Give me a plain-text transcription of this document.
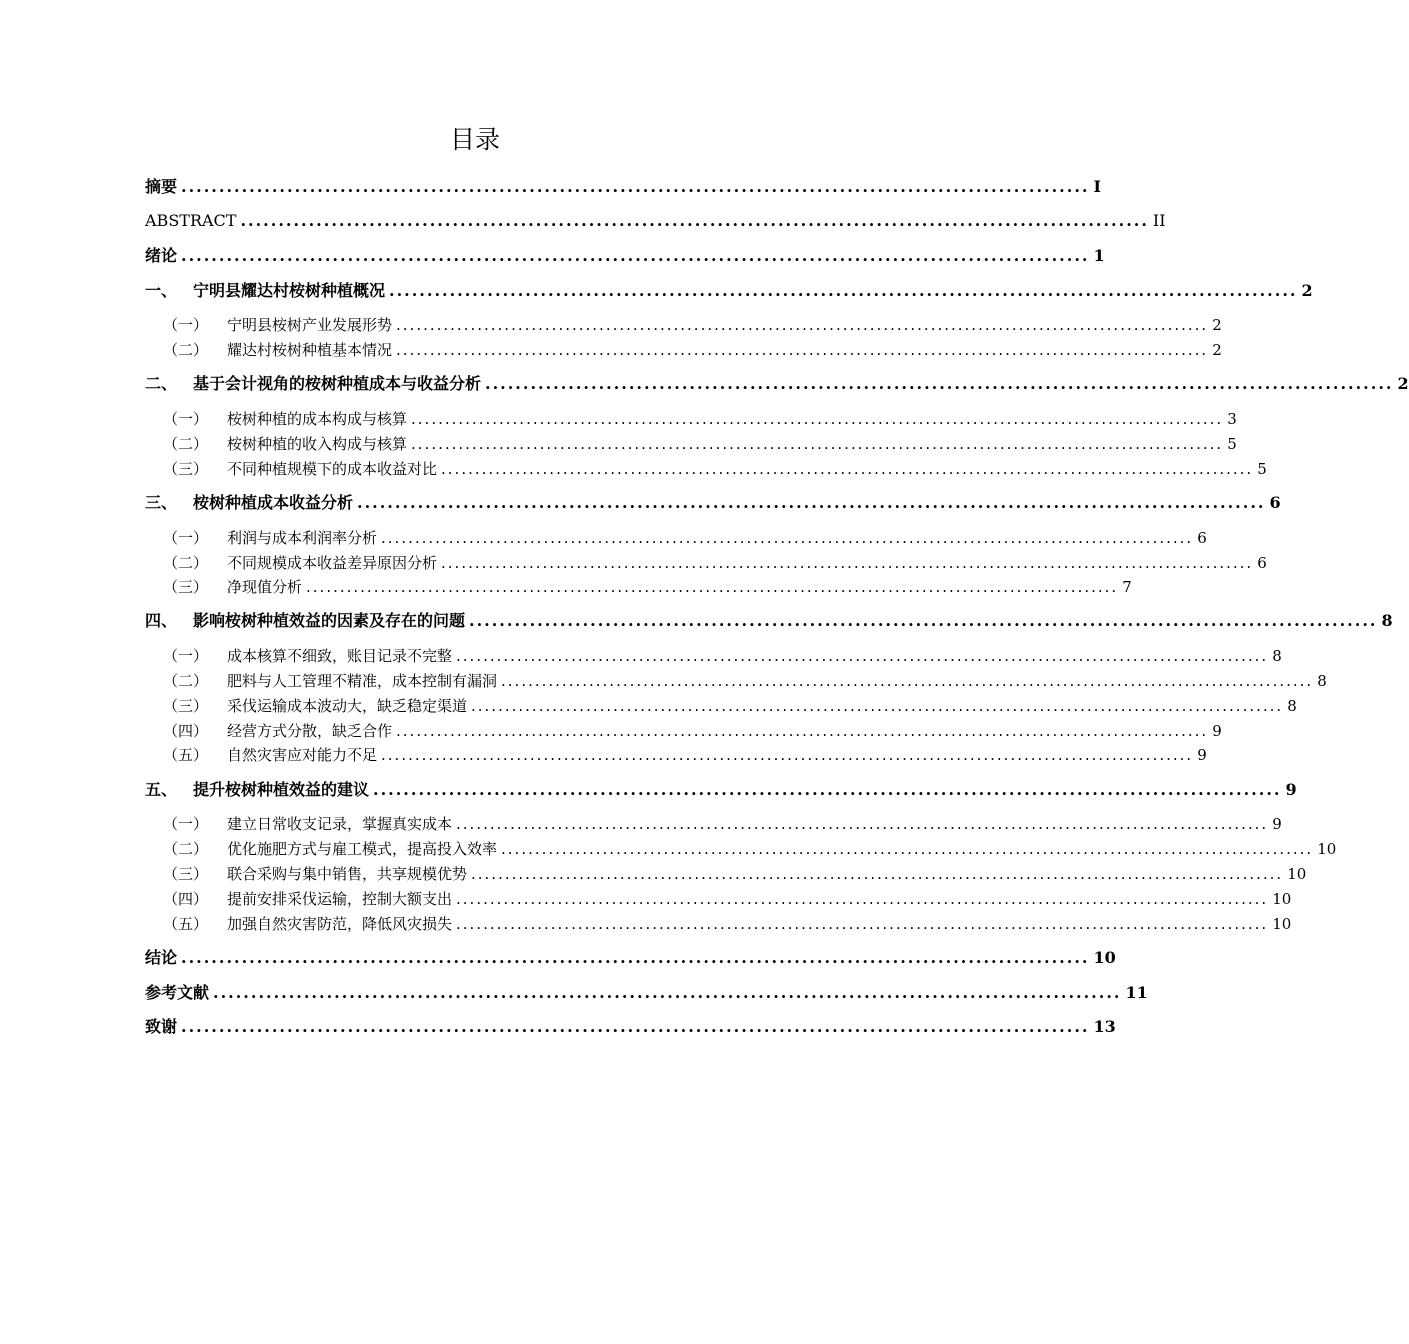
目录
摘要 ........................................................................................................................ I
ABSTRACT ........................................................................................................................ II
绪论 ........................................................................................................................ 1
一、 宁明县耀达村桉树种植概况 ........................................................................................................................ 2
（一）	宁明县桉树产业发展形势 ........................................................................................................................ 2
（二）	耀达村桉树种植基本情况 ........................................................................................................................ 2
二、 基于会计视角的桉树种植成本与收益分析 ........................................................................................................................ 2
（一）	桉树种植的成本构成与核算 ........................................................................................................................ 3
（二）	桉树种植的收入构成与核算 ........................................................................................................................ 5
（三）	不同种植规模下的成本收益对比 ........................................................................................................................ 5
三、 桉树种植成本收益分析 ........................................................................................................................ 6
（一）	利润与成本利润率分析 ........................................................................................................................ 6
（二）	不同规模成本收益差异原因分析 ........................................................................................................................ 6
（三）	净现值分析 ........................................................................................................................ 7
四、 影响桉树种植效益的因素及存在的问题 ........................................................................................................................ 8
（一）	成本核算不细致，账目记录不完整 ........................................................................................................................ 8
（二）	肥料与人工管理不精准，成本控制有漏洞 ........................................................................................................................ 8
（三）	采伐运输成本波动大，缺乏稳定渠道 ........................................................................................................................ 8
（四）	经营方式分散，缺乏合作 ........................................................................................................................ 9
（五）	自然灾害应对能力不足 ........................................................................................................................ 9
五、 提升桉树种植效益的建议 ........................................................................................................................ 9
（一）	建立日常收支记录，掌握真实成本 ........................................................................................................................ 9
（二）	优化施肥方式与雇工模式，提高投入效率 ........................................................................................................................ 10
（三）	联合采购与集中销售，共享规模优势 ........................................................................................................................ 10
（四）	提前安排采伐运输，控制大额支出 ........................................................................................................................ 10
（五）	加强自然灾害防范，降低风灾损失 ........................................................................................................................ 10
结论 ........................................................................................................................ 10
参考文献 ........................................................................................................................ 11
致谢 ........................................................................................................................ 13
